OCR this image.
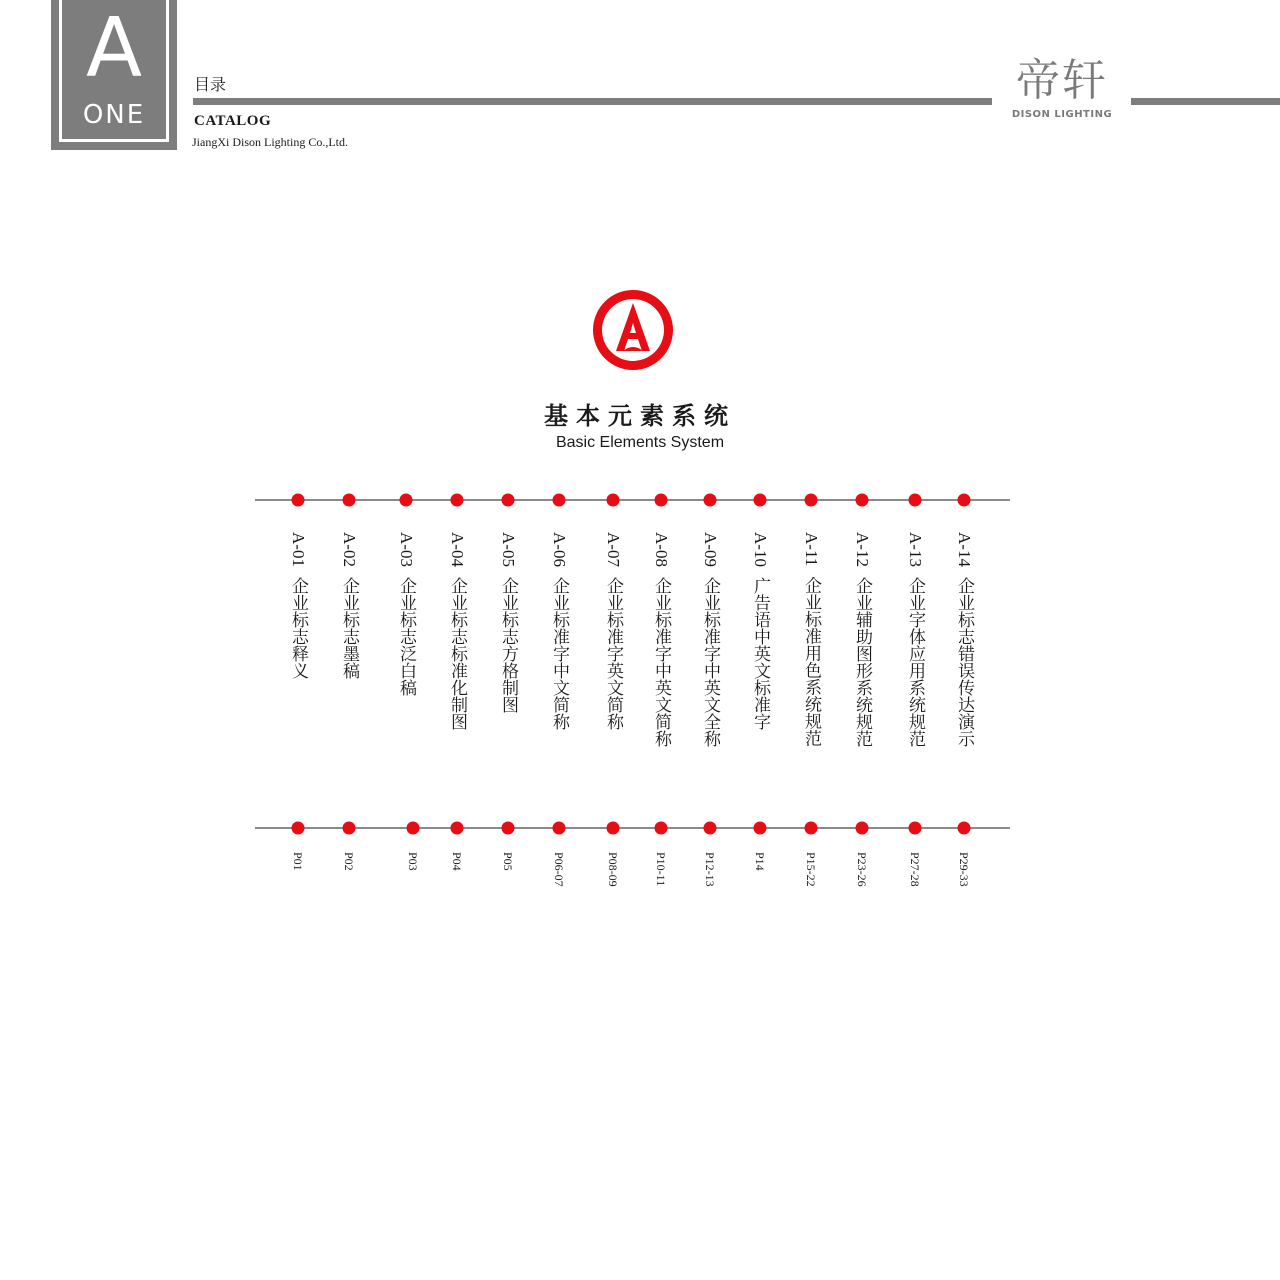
A
ONE
目录
CATALOG
JiangXi Dison Lighting Co.,Ltd.
帝轩
DISON LIGHTING
基本元素系统
Basic Elements System
A-01企业标志释义
P01
A-02企业标志墨稿
P02
A-03企业标志泛白稿
P03
A-04企业标志标准化制图
P04
A-05企业标志方格制图
P05
A-06企业标准字中文简称
P06-07
A-07企业标准字英文简称
P08-09
A-08企业标准字中英文简称
P10-11
A-09企业标准字中英文全称
P12-13
A-10广告语中英文标准字
P14
A-11企业标准用色系统规范
P15-22
A-12企业辅助图形系统规范
P23-26
A-13企业字体应用系统规范
P27-28
A-14企业标志错误传达演示
P29-33
